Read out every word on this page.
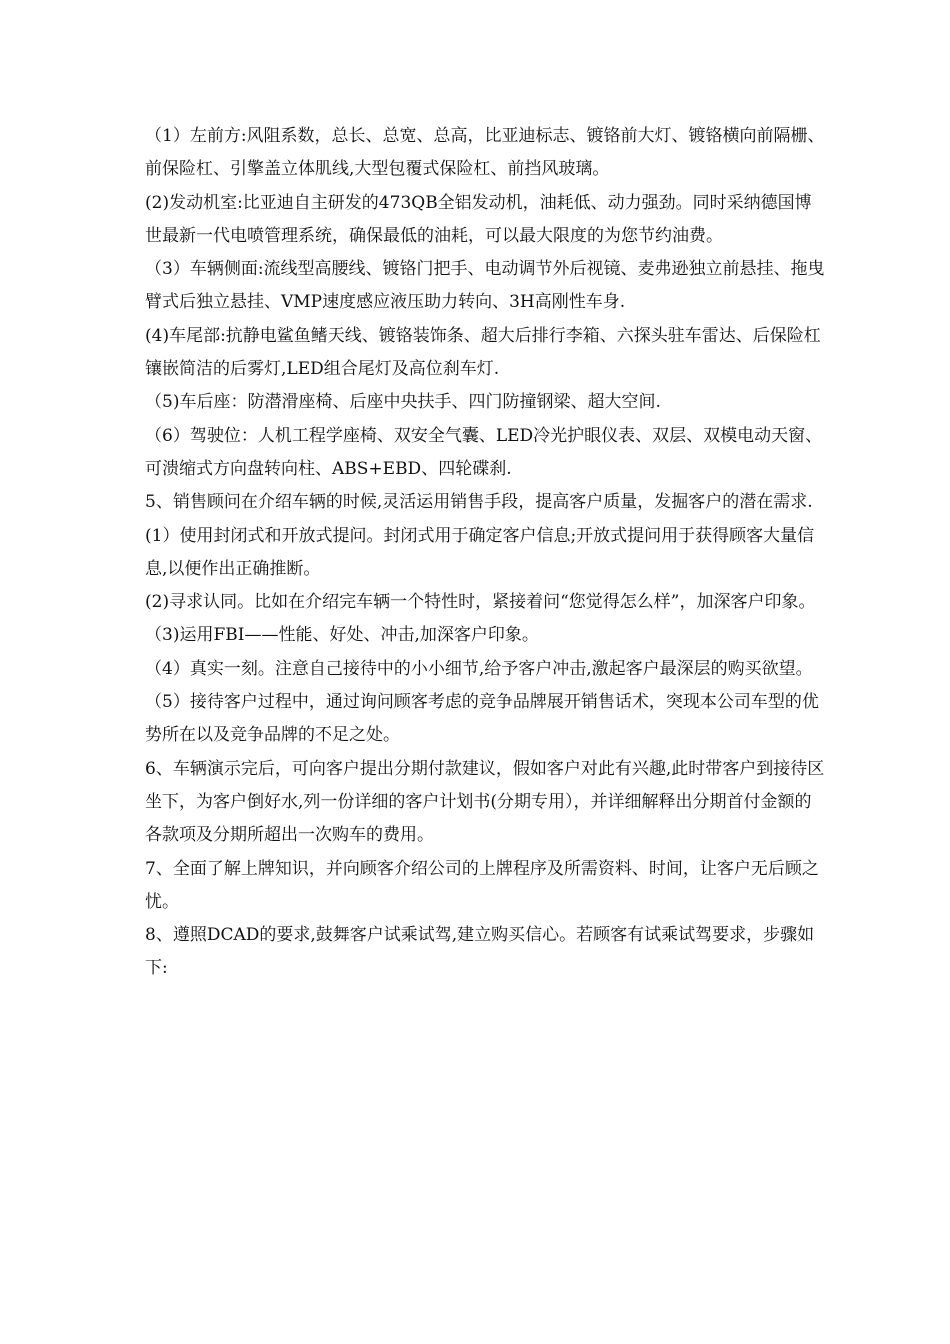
（1）左前方:风阻系数，总长、总宽、总高，比亚迪标志、镀铬前大灯、镀铬横向前隔栅、前保险杠、引擎盖立体肌线,大型包覆式保险杠、前挡风玻璃。

(2)发动机室:比亚迪自主研发的473QB全铝发动机，油耗低、动力强劲。同时采纳德国博世最新一代电喷管理系统，确保最低的油耗，可以最大限度的为您节约油费。

（3）车辆侧面:流线型高腰线、镀铬门把手、电动调节外后视镜、麦弗逊独立前悬挂、拖曳臂式后独立悬挂、VMP速度感应液压助力转向、3H高刚性车身.

(4)车尾部:抗静电鲨鱼鳍天线、镀铬装饰条、超大后排行李箱、六探头驻车雷达、后保险杠镶嵌简洁的后雾灯,LED组合尾灯及高位刹车灯.

（5)车后座：防潜滑座椅、后座中央扶手、四门防撞钢梁、超大空间.

（6）驾驶位：人机工程学座椅、双安全气囊、LED冷光护眼仪表、双层、双模电动天窗、可溃缩式方向盘转向柱、ABS+EBD、四轮碟刹.

5、销售顾问在介绍车辆的时候,灵活运用销售手段，提高客户质量，发掘客户的潜在需求.

(1）使用封闭式和开放式提问。封闭式用于确定客户信息;开放式提问用于获得顾客大量信息,以便作出正确推断。

(2)寻求认同。比如在介绍完车辆一个特性时，紧接着问“您觉得怎么样”，加深客户印象。

（3)运用FBI——性能、好处、冲击,加深客户印象。

（4）真实一刻。注意自己接待中的小小细节,给予客户冲击,激起客户最深层的购买欲望。

（5）接待客户过程中，通过询问顾客考虑的竞争品牌展开销售话术，突现本公司车型的优势所在以及竞争品牌的不足之处。

6、车辆演示完后，可向客户提出分期付款建议，假如客户对此有兴趣,此时带客户到接待区坐下，为客户倒好水,列一份详细的客户计划书(分期专用），并详细解释出分期首付金额的各款项及分期所超出一次购车的费用。

7、全面了解上牌知识，并向顾客介绍公司的上牌程序及所需资料、时间，让客户无后顾之忧。

8、遵照DCAD的要求,鼓舞客户试乘试驾,建立购买信心。若顾客有试乘试驾要求，步骤如下:
